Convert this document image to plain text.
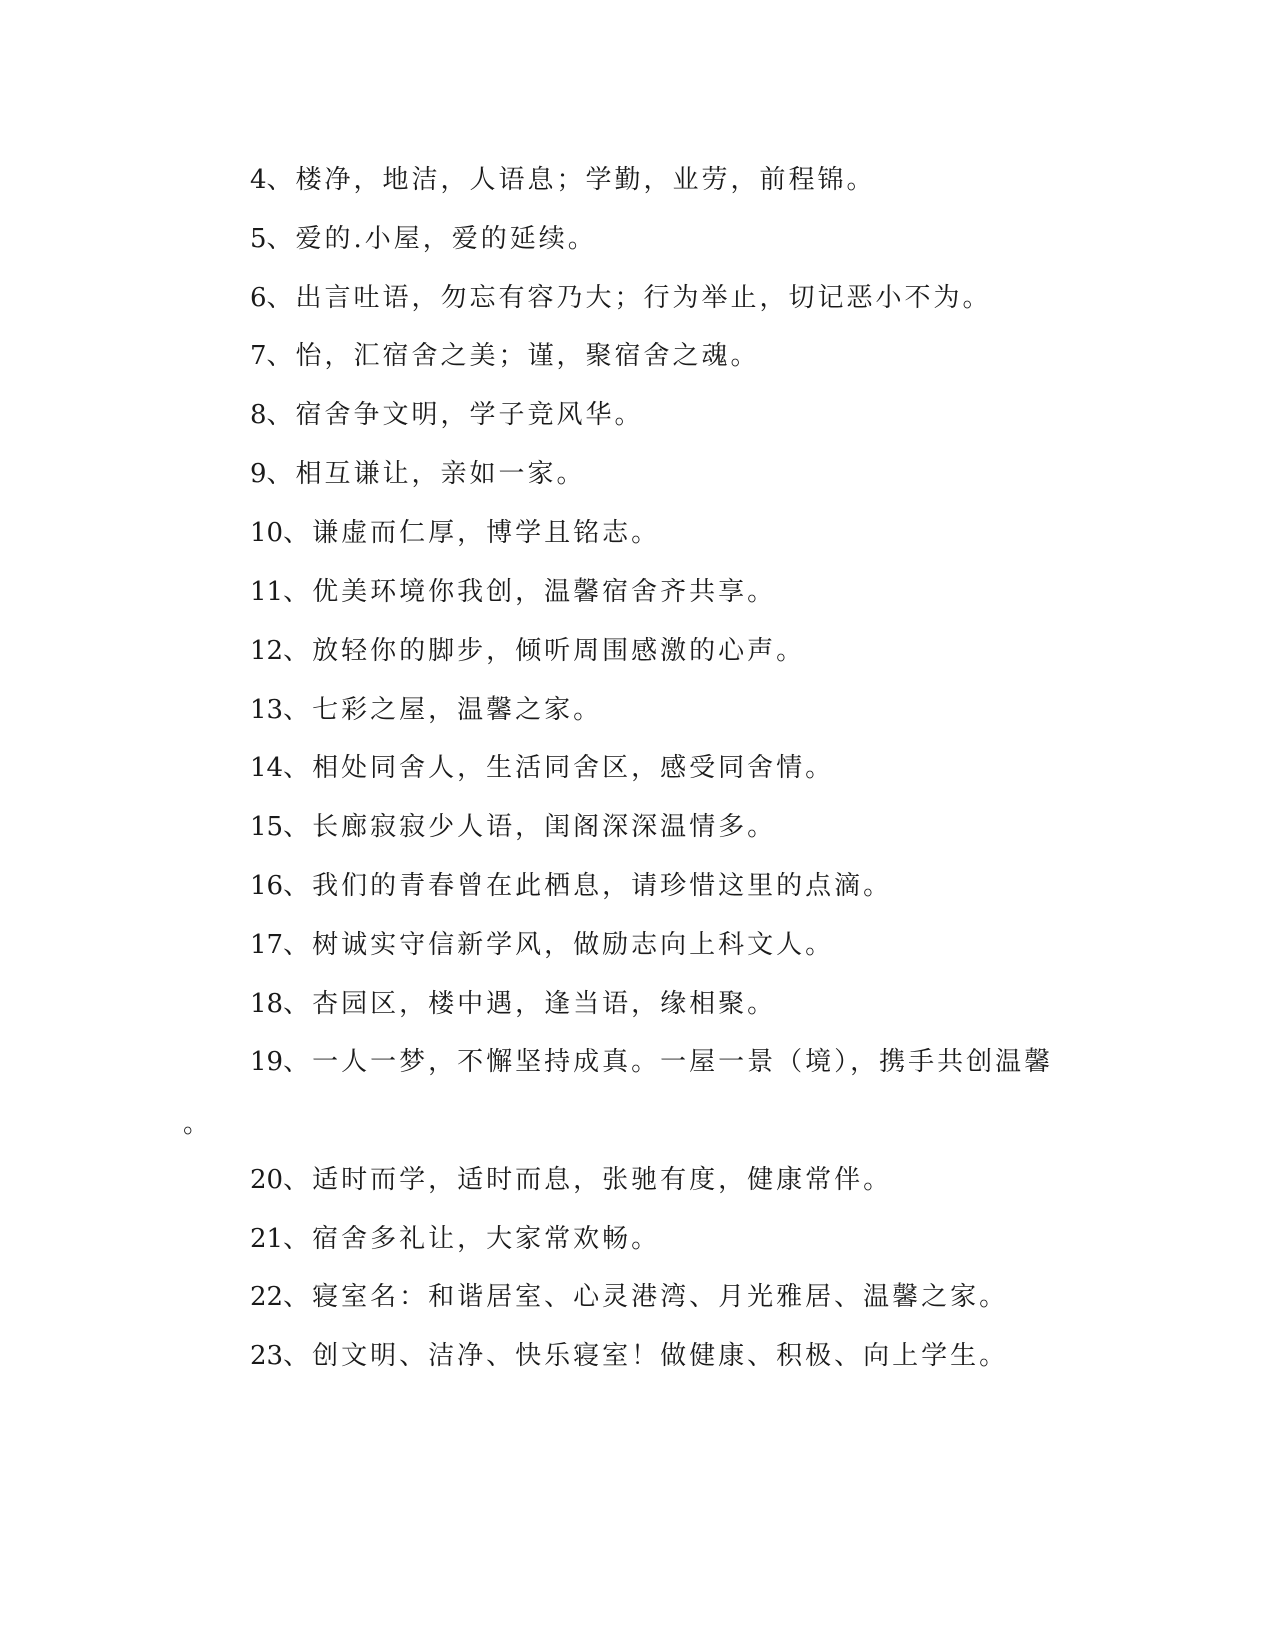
4、楼净，地洁，人语息；学勤，业劳，前程锦。
5、爱的.小屋，爱的延续。
6、出言吐语，勿忘有容乃大；行为举止，切记恶小不为。
7、怡，汇宿舍之美；谨，聚宿舍之魂。
8、宿舍争文明，学子竞风华。
9、相互谦让，亲如一家。
10、谦虚而仁厚，博学且铭志。
11、优美环境你我创，温馨宿舍齐共享。
12、放轻你的脚步，倾听周围感激的心声。
13、七彩之屋，温馨之家。
14、相处同舍人，生活同舍区，感受同舍情。
15、长廊寂寂少人语，闺阁深深温情多。
16、我们的青春曾在此栖息，请珍惜这里的点滴。
17、树诚实守信新学风，做励志向上科文人。
18、杏园区，楼中遇，逢当语，缘相聚。
19、一人一梦，不懈坚持成真。一屋一景（境），携手共创温馨
。
20、适时而学，适时而息，张驰有度，健康常伴。
21、宿舍多礼让，大家常欢畅。
22、寝室名：和谐居室、心灵港湾、月光雅居、温馨之家。
23、创文明、洁净、快乐寝室！做健康、积极、向上学生。
